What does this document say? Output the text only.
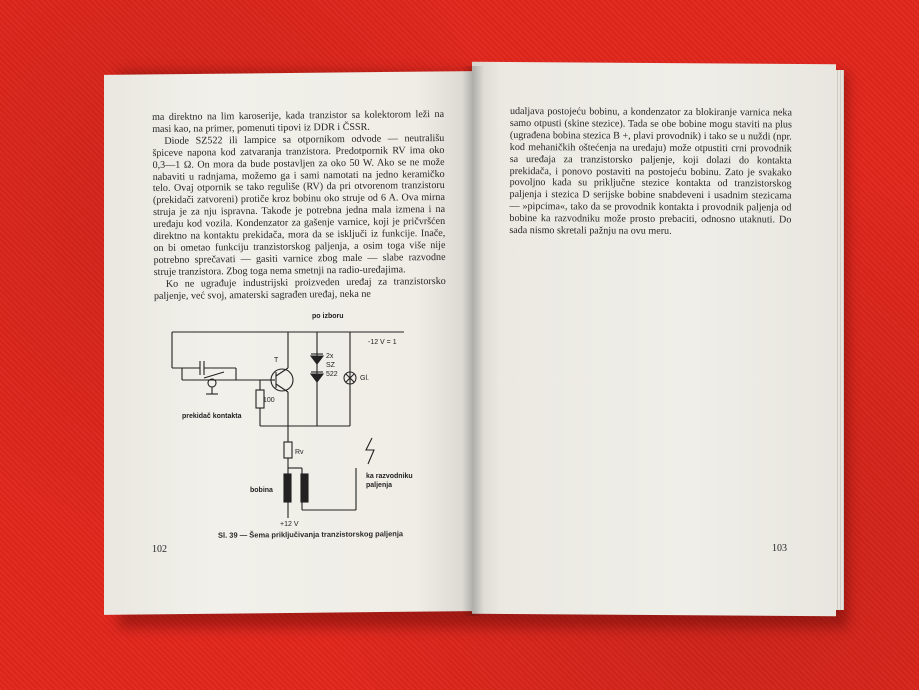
ma direktno na lim karoserije, kada tranzistor sa kolektorom leži na masi kao, na primer, pomenuti tipovi iz DDR i ČSSR.

Diode SZ522 ili lampice sa otpornikom odvode — neutrališu špiceve napona kod zatvaranja tranzistora. Predotpornik RV ima oko 0,3—1 Ω. On mora da bude postavljen za oko 50 W. Ako se ne može nabaviti u radnjama, možemo ga i sami namotati na jedno keramičko telo. Ovaj otpornik se tako reguliše (RV) da pri otvorenom tranzistoru (prekidači zatvoreni) protiče kroz bobinu oko struje od 6 A. Ova mirna struja je za nju ispravna. Takođe je potrebna jedna mala izmena i na uređaju kod vozila. Kondenzator za gašenje varnice, koji je pričvršćen direktno na kontaktu prekidača, mora da se isključi iz funkcije. Inače, on bi ometao funkciju tranzistorskog paljenja, a osim toga više nije potrebno sprečavati — gasiti varnice zbog male — slabe razvodne struje tranzistora. Zbog toga nema smetnji na radio-uređajima.

Ko ne ugrađuje industrijski proizveden uređaj za tranzistorsko paljenje, već svoj, amaterski sagrađen uređaj, neka ne

po izboru
-12 V = 1
T
2x
SZ
522
Gl.
100
prekidač kontakta
Rv
bobina
ka razvodniku
paljenja
+12 V
Sl. 39 — Šema priključivanja tranzistorskog paljenja
102

udaljava postojeću bobinu, a kondenzator za blokiranje varnica neka samo otpusti (skine stezice). Tada se obe bobine mogu staviti na plus (ugrađena bobina stezica B +, plavi provodnik) i tako se u nuždi (npr. kod mehaničkih oštećenja na uređaju) može otpustiti crni provodnik sa uređaja za tranzistorsko paljenje, koji dolazi do kontakta prekidača, i ponovo postaviti na postojeću bobinu. Zato je svakako povoljno kada su priključne stezice kontakta od tranzistorskog paljenja i stezica D serijske bobine snabdeveni i usadnim stezicama — »pipcima«, tako da se provodnik kontakta i provodnik paljenja od bobine ka razvodniku može prosto prebaciti, odnosno utaknuti. Do sada nismo skretali pažnju na ovu meru.

103
